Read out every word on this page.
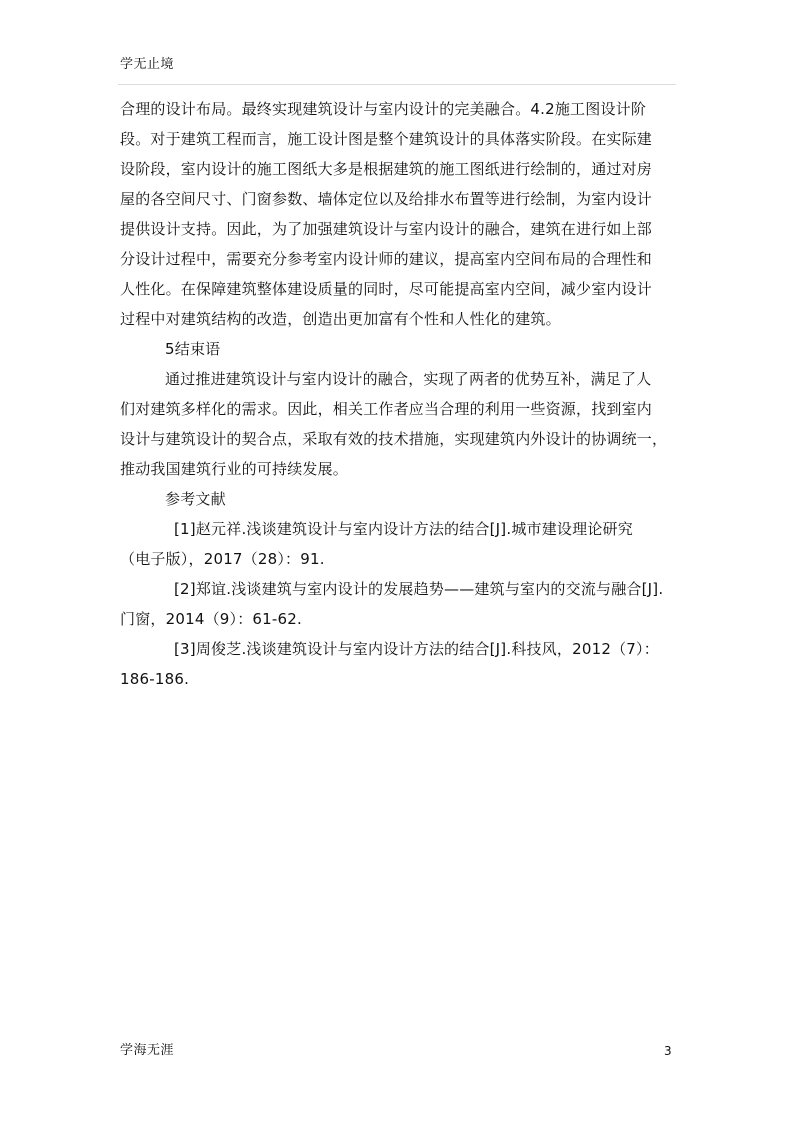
学无止境
合理的设计布局。最终实现建筑设计与室内设计的完美融合。4.2施工图设计阶
段。对于建筑工程而言，施工设计图是整个建筑设计的具体落实阶段。在实际建
设阶段，室内设计的施工图纸大多是根据建筑的施工图纸进行绘制的，通过对房
屋的各空间尺寸、门窗参数、墙体定位以及给排水布置等进行绘制，为室内设计
提供设计支持。因此，为了加强建筑设计与室内设计的融合，建筑在进行如上部
分设计过程中，需要充分参考室内设计师的建议，提高室内空间布局的合理性和
人性化。在保障建筑整体建设质量的同时，尽可能提高室内空间，减少室内设计
过程中对建筑结构的改造，创造出更加富有个性和人性化的建筑。
5结束语
通过推进建筑设计与室内设计的融合，实现了两者的优势互补，满足了人
们对建筑多样化的需求。因此，相关工作者应当合理的利用一些资源，找到室内
设计与建筑设计的契合点，采取有效的技术措施，实现建筑内外设计的协调统一，
推动我国建筑行业的可持续发展。
参考文献
[1]赵元祥.浅谈建筑设计与室内设计方法的结合[J].城市建设理论研究
（电子版），2017（28）：91.
[2]郑谊.浅谈建筑与室内设计的发展趋势——建筑与室内的交流与融合[J].
门窗，2014（9）：61-62.
[3]周俊芝.浅谈建筑设计与室内设计方法的结合[J].科技风，2012（7）：
186-186.
学海无涯	3
